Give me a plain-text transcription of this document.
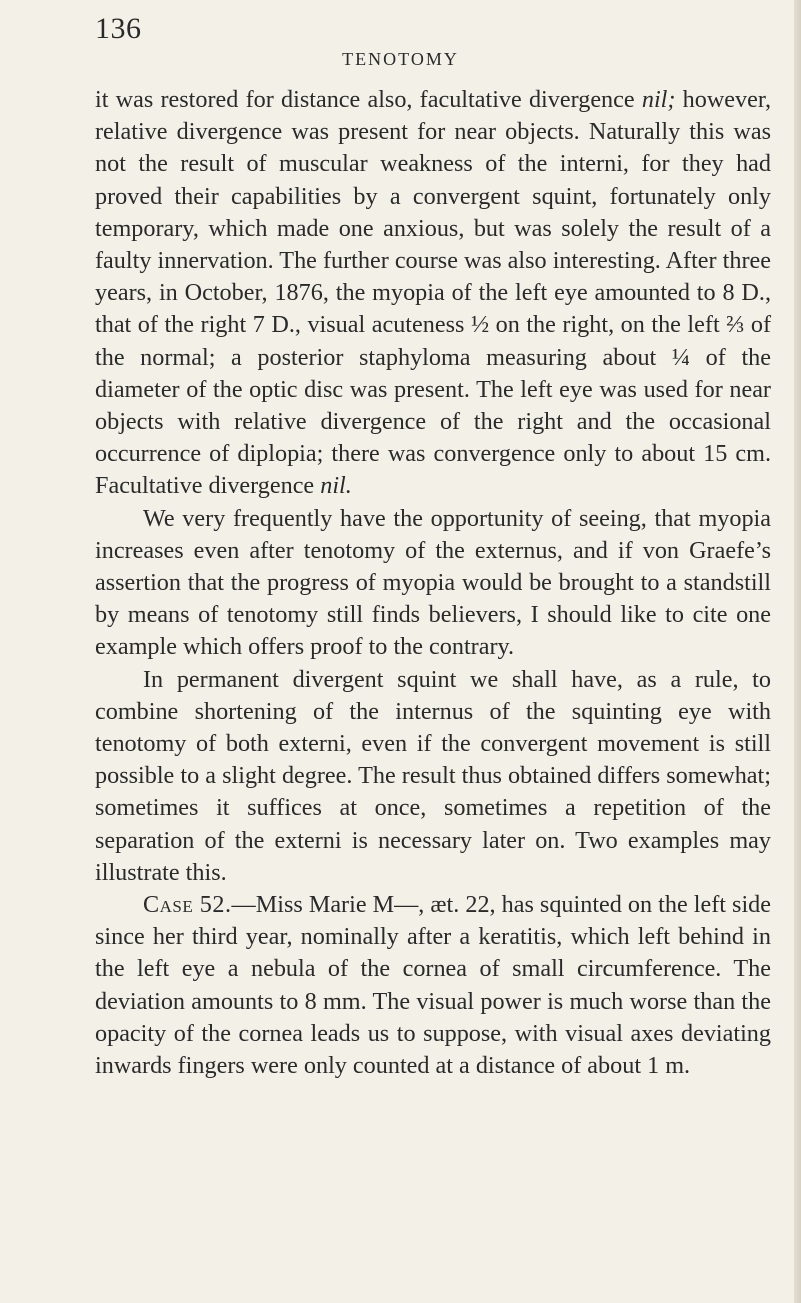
136
TENOTOMY

it was restored for distance also, facultative divergence nil; however, relative divergence was present for near objects. Naturally this was not the result of muscular weakness of the interni, for they had proved their capabilities by a convergent squint, fortunately only temporary, which made one anxious, but was solely the result of a faulty innervation. The further course was also interesting. After three years, in October, 1876, the myopia of the left eye amounted to 8 D., that of the right 7 D., visual acuteness ½ on the right, on the left ⅔ of the normal; a posterior staphyloma measuring about ¼ of the diameter of the optic disc was present. The left eye was used for near objects with relative divergence of the right and the occasional occurrence of diplopia; there was convergence only to about 15 cm. Facultative divergence nil.

We very frequently have the opportunity of seeing, that myopia increases even after tenotomy of the externus, and if von Graefe’s assertion that the progress of myopia would be brought to a standstill by means of tenotomy still finds believers, I should like to cite one example which offers proof to the contrary.

In permanent divergent squint we shall have, as a rule, to combine shortening of the internus of the squinting eye with tenotomy of both externi, even if the convergent movement is still possible to a slight degree. The result thus obtained differs somewhat; sometimes it suffices at once, sometimes a repetition of the separation of the externi is necessary later on. Two examples may illustrate this.

Case 52.—Miss Marie M—, æt. 22, has squinted on the left side since her third year, nominally after a keratitis, which left behind in the left eye a nebula of the cornea of small circumference. The deviation amounts to 8 mm. The visual power is much worse than the opacity of the cornea leads us to suppose, with visual axes deviating inwards fingers were only counted at a distance of about 1 m.
